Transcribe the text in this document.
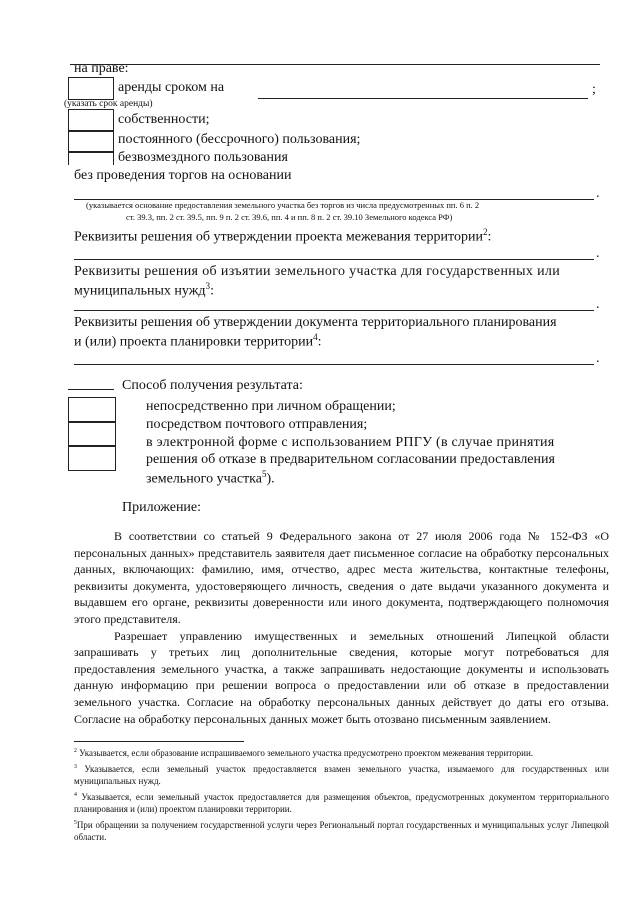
на праве:
аренды сроком на	;
(указать срок аренды)
собственности;
постоянного (бессрочного) пользования;
безвозмездного пользования
без проведения торгов на основании
.
(указывается основание предоставления земельного участка без торгов из числа предусмотренных пп. 6 п. 2
ст. 39.3, пп. 2 ст. 39.5, пп. 9 п. 2 ст. 39.6, пп. 4 и пп. 8 п. 2 ст. 39.10 Земельного кодекса РФ)
Реквизиты решения об утверждении проекта межевания территории$^2$:
.
Реквизиты решения об изъятии земельного участка для государственных или
муниципальных нужд$^3$:
.
Реквизиты решения об утверждении документа территориального планирования
и (или) проекта планировки территории$^4$:
.
Способ получения результата:
непосредственно при личном обращении;
посредством почтового отправления;
в электронной форме с использованием РПГУ (в случае принятия
решения об отказе в предварительном согласовании предоставления
земельного участка$^5$).
Приложение:

В соответствии со статьей 9 Федерального закона от 27 июля 2006 года № 152-ФЗ «О персональных данных» представитель заявителя дает письменное согласие на обработку персональных данных, включающих: фамилию, имя, отчество, адрес места жительства, контактные телефоны, реквизиты документа, удостоверяющего личность, сведения о дате выдачи указанного документа и выдавшем его органе, реквизиты доверенности или иного документа, подтверждающего полномочия этого представителя.

Разрешает управлению имущественных и земельных отношений Липецкой области запрашивать у третьих лиц дополнительные сведения, которые могут потребоваться для предоставления земельного участка, а также запрашивать недостающие документы и использовать данную информацию при решении вопроса о предоставлении или об отказе в предоставлении земельного участка. Согласие на обработку персональных данных действует до даты его отзыва. Согласие на обработку персональных данных может быть отозвано письменным заявлением.

$^2$ Указывается, если образование испрашиваемого земельного участка предусмотрено проектом межевания территории.

$^3$ Указывается, если земельный участок предоставляется взамен земельного участка, изымаемого для государственных или муниципальных нужд.

$^4$ Указывается, если земельный участок предоставляется для размещения объектов, предусмотренных документом территориального планирования и (или) проектом планировки территории.

$^5$При обращении за получением государственной услуги через Региональный портал государственных и муниципальных услуг Липецкой области.
